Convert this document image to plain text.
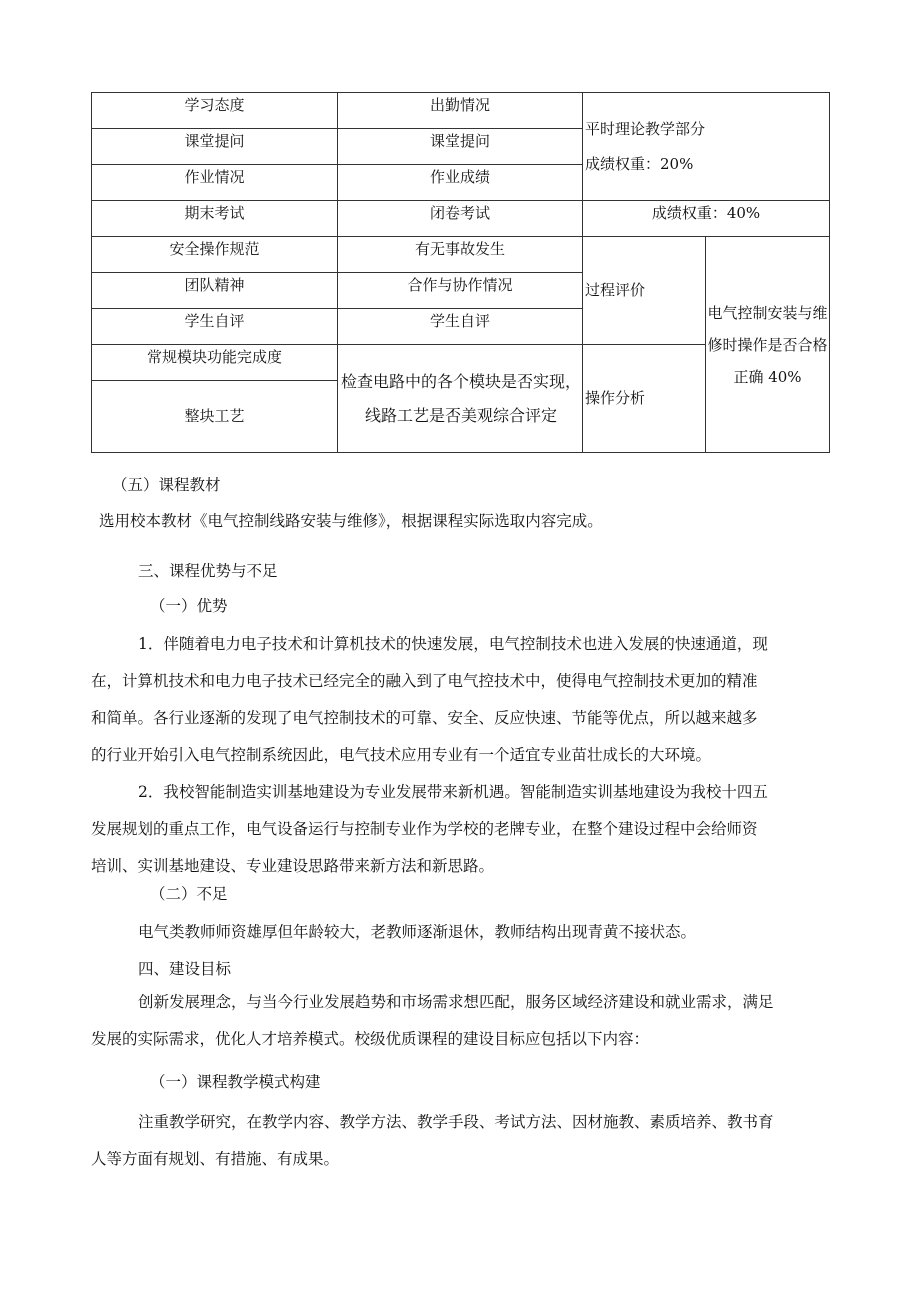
学习态度	出勤情况	平时理论教学部分
成绩权重：20%	

课堂提问	课堂提问		
作业情况	作业成绩		
期末考试	闭卷考试	成绩权重：40%	
安全操作规范	有无事故发生	过程评价	电气控制安装与维修时操作是否合格正确 40%

团队精神	合作与协作情况		
学生自评	学生自评		
常规模块功能完成度	检查电路中的各个模块是否实现，线路工艺是否美观综合评定	操作分析	
整块工艺			

（五）课程教材

选用校本教材《电气控制线路安装与维修》，根据课程实际选取内容完成。

三、课程优势与不足

（一）优势

1．伴随着电力电子技术和计算机技术的快速发展，电气控制技术也进入发展的快速通道，现
在，计算机技术和电力电子技术已经完全的融入到了电气控技术中，使得电气控制技术更加的精准
和简单。各行业逐渐的发现了电气控制技术的可靠、安全、反应快速、节能等优点，所以越来越多
的行业开始引入电气控制系统因此，电气技术应用专业有一个适宜专业苗壮成长的大环境。
2．我校智能制造实训基地建设为专业发展带来新机遇。智能制造实训基地建设为我校十四五
发展规划的重点工作，电气设备运行与控制专业作为学校的老牌专业，在整个建设过程中会给师资
培训、实训基地建设、专业建设思路带来新方法和新思路。

（二）不足

电气类教师师资雄厚但年龄较大，老教师逐渐退休，教师结构出现青黄不接状态。

四、建设目标

创新发展理念，与当今行业发展趋势和市场需求想匹配，服务区域经济建设和就业需求，满足
发展的实际需求，优化人才培养模式。校级优质课程的建设目标应包括以下内容：

（一）课程教学模式构建

注重教学研究，在教学内容、教学方法、教学手段、考试方法、因材施教、素质培养、教书育
人等方面有规划、有措施、有成果。
